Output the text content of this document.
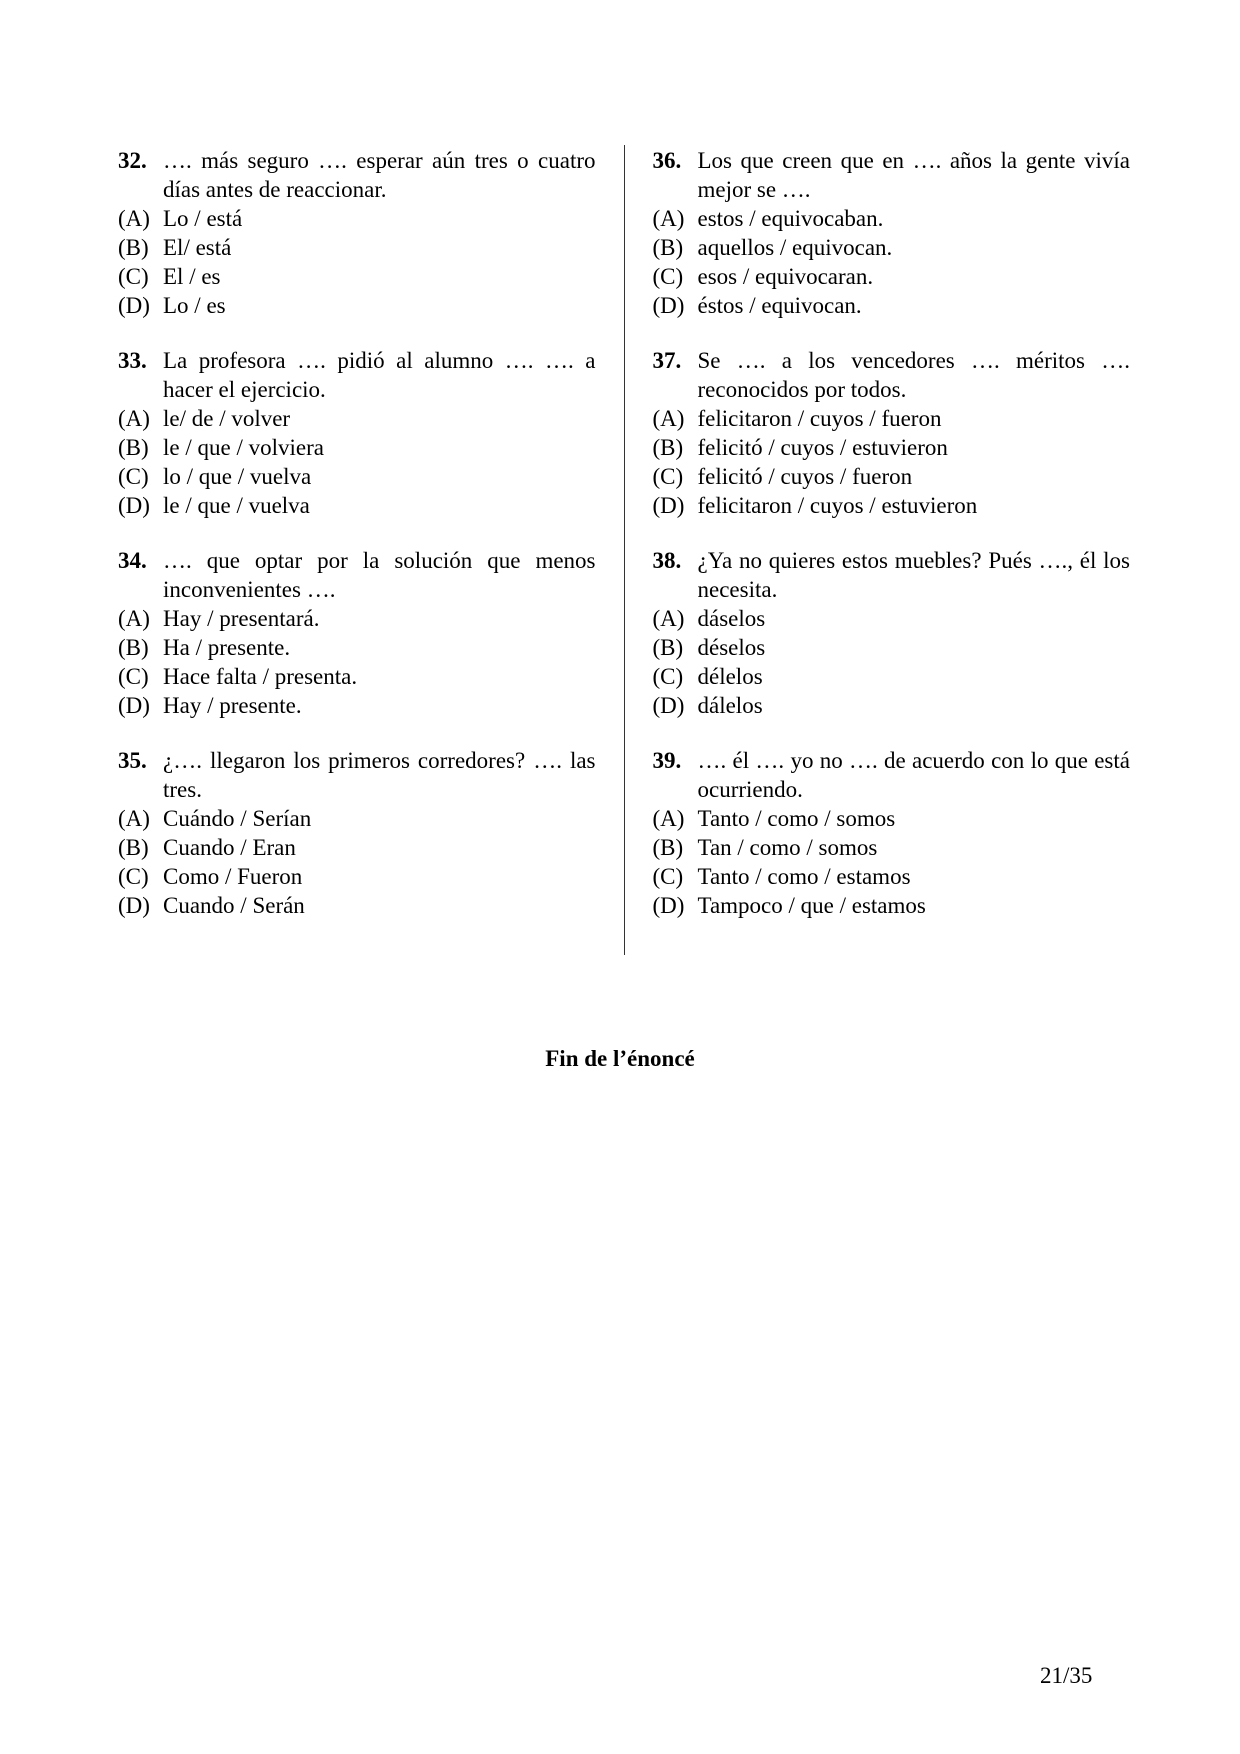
32. …. más seguro …. esperar aún tres o cuatro días antes de reaccionar.
(A) Lo / está
(B) El/ está
(C) El / es
(D) Lo / es
33. La profesora …. pidió al alumno …. …. a hacer el ejercicio.
(A) le/ de / volver
(B) le / que / volviera
(C) lo / que / vuelva
(D) le / que / vuelva
34. …. que optar por la solución que menos inconvenientes ….
(A) Hay / presentará.
(B) Ha / presente.
(C) Hace falta / presenta.
(D) Hay / presente.
35. ¿…. llegaron los primeros corredores? …. las tres.
(A) Cuándo / Serían
(B) Cuando / Eran
(C) Como / Fueron
(D) Cuando / Serán
36. Los que creen que en …. años la gente vivía mejor se ….
(A) estos / equivocaban.
(B) aquellos / equivocan.
(C) esos / equivocaran.
(D) éstos / equivocan.
37. Se …. a los vencedores …. méritos …. reconocidos por todos.
(A) felicitaron / cuyos / fueron
(B) felicitó / cuyos / estuvieron
(C) felicitó / cuyos / fueron
(D) felicitaron / cuyos / estuvieron
38. ¿Ya no quieres estos muebles? Pués …., él los necesita.
(A) dáselos
(B) déselos
(C) délelos
(D) dálelos
39. …. él …. yo no …. de acuerdo con lo que está ocurriendo.
(A) Tanto / como / somos
(B) Tan / como / somos
(C) Tanto / como / estamos
(D) Tampoco / que / estamos
Fin de l’énoncé
21/35
